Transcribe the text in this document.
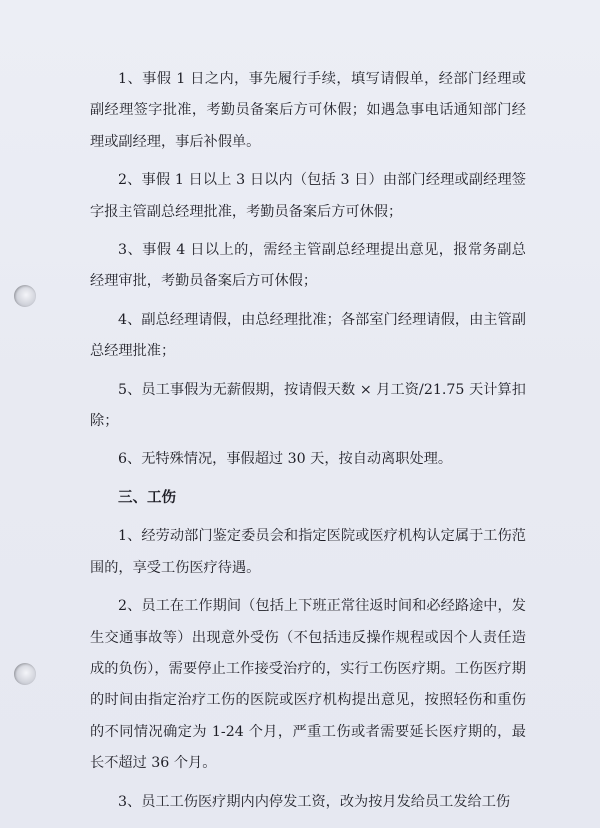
1、事假 1 日之内，事先履行手续，填写请假单，经部门经理或副经理签字批准，考勤员备案后方可休假；如遇急事电话通知部门经理或副经理，事后补假单。

2、事假 1 日以上 3 日以内（包括 3 日）由部门经理或副经理签字报主管副总经理批准，考勤员备案后方可休假；

3、事假 4 日以上的，需经主管副总经理提出意见，报常务副总经理审批，考勤员备案后方可休假；

4、副总经理请假，由总经理批准；各部室门经理请假，由主管副总经理批准；

5、员工事假为无薪假期，按请假天数 × 月工资/21.75 天计算扣除；

6、无特殊情况，事假超过 30 天，按自动离职处理。

三、工伤

1、经劳动部门鉴定委员会和指定医院或医疗机构认定属于工伤范围的，享受工伤医疗待遇。

2、员工在工作期间（包括上下班正常往返时间和必经路途中，发生交通事故等）出现意外受伤（不包括违反操作规程或因个人责任造成的负伤），需要停止工作接受治疗的，实行工伤医疗期。工伤医疗期的时间由指定治疗工伤的医院或医疗机构提出意见，按照轻伤和重伤的不同情况确定为 1-24 个月，严重工伤或者需要延长医疗期的，最长不超过 36 个月。

3、员工工伤医疗期内内停发工资，改为按月发给员工发给工伤
